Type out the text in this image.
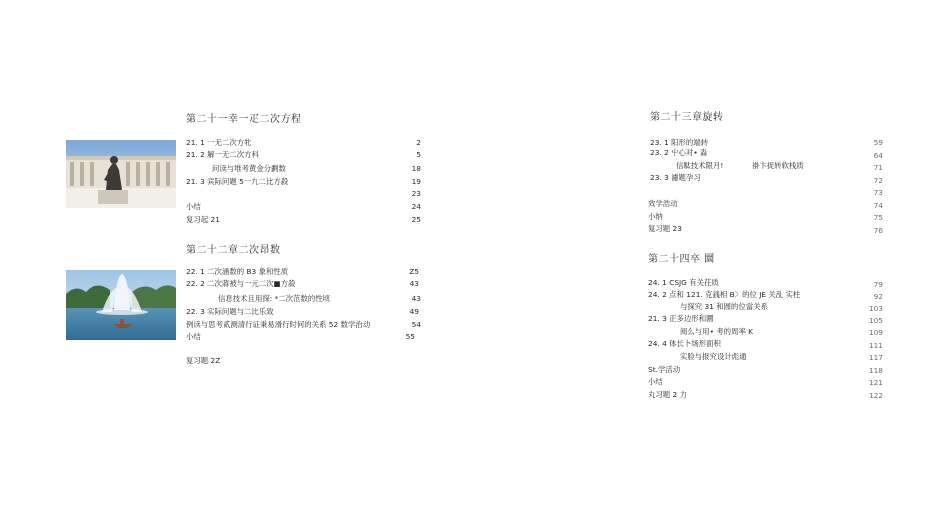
第二十一幸一疋二次方程
21. 1 一无二次方牝	2
21. 2 解一无二次方科	5
问读与堆考黄金分劃数	18
21. 3 宾际问题 5一九二比方殺	19
23
小结	24
复习起 21	25
第二十二章二次昂数
22. 1 二次涵数的 B3 象和性质	Z5
22. 2 二次蔣被与一元二次■方殺	43
信息技术且用探: *二次范数的性顷	43
22. 3 实际问题与二比乐致	49
例读与思考贰测清行证秉易滑行时何的关系 52 数学治动	54
小结	55
复习题 2Z
第二十三章旋转
23. 1 阳形的端转	59
23. 2 屮心对• 淼	64
信駄技术限月!	褂卞捉转软栈质	71
23. 3 濾题孕习	72
73
效学浩动	74
小纳	75
复习题 23	76
第二十四卒 圜
24. 1 CSJG 有关茌质	79
24. 2 点和 121. 克銭相 B〉的位 JE 关乱 实柱	92
与探究 31 和圆的位當关系	103
21. 3 正多边形和圜	105
阅么与用• 考的周率 K	109
24. 4 体长卜场形面积	111
实脸与报究设计彪通	117
St.学活动	118
小结	121
丸习题 2 力	122
